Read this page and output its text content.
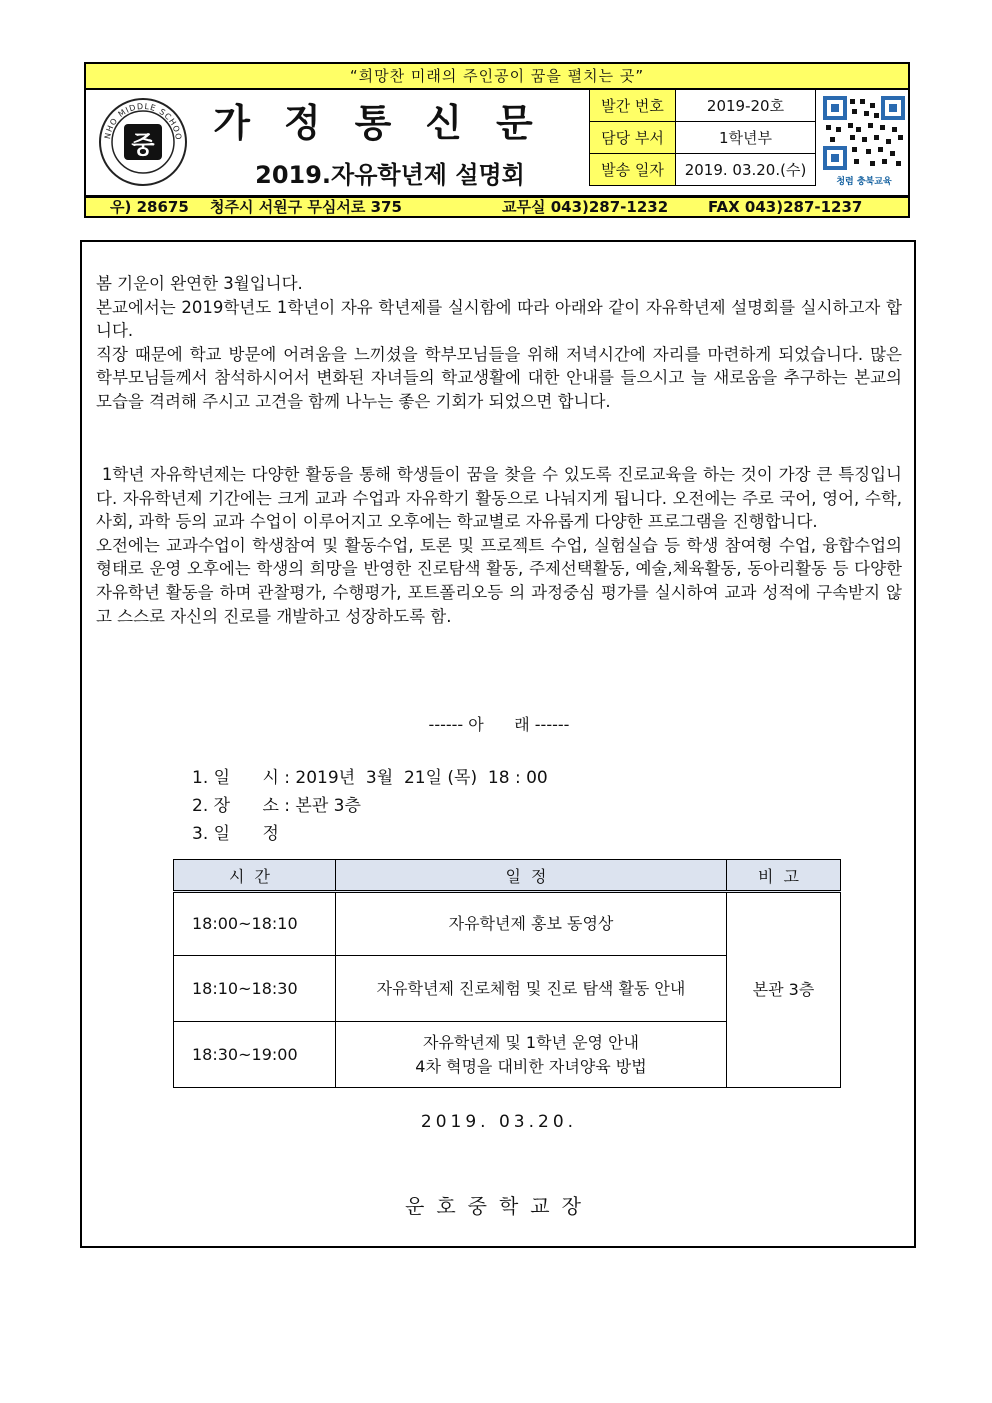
“희망찬 미래의 주인공이 꿈을 펼치는 곳”
NHO MIDDLE SCHOO
중	가정통신문
2019.자유학년제 설명회
발간 번호	2019-20호
담당 부서	1학년부
발송 일자	2019. 03.20.(수)
청렴 충북교육
우) 28675 청주시 서원구 무심서로 375	교무실 043)287-1232	FAX 043)287-1237

봄 기운이 완연한 3월입니다.

본교에서는 2019학년도 1학년이 자유 학년제를 실시함에 따라 아래와 같이 자유학년제 설명회를 실시하고자 합니다.

직장 때문에 학교 방문에 어려움을 느끼셨을 학부모님들을 위해 저녁시간에 자리를 마련하게 되었습니다. 많은 학부모님들께서 참석하시어서 변화된 자녀들의 학교생활에 대한 안내를 들으시고 늘 새로움을 추구하는 본교의 모습을 격려해 주시고 고견을 함께 나누는 좋은 기회가 되었으면 합니다.

1학년 자유학년제는 다양한 활동을 통해 학생들이 꿈을 찾을 수 있도록 진로교육을 하는 것이 가장 큰 특징입니다. 자유학년제 기간에는 크게 교과 수업과 자유학기 활동으로 나눠지게 됩니다. 오전에는 주로 국어, 영어, 수학, 사회, 과학 등의 교과 수업이 이루어지고 오후에는 학교별로 자유롭게 다양한 프로그램을 진행합니다.

오전에는 교과수업이 학생참여 및 활동수업, 토론 및 프로젝트 수업, 실험실습 등 학생 참여형 수업, 융합수업의 형태로 운영 오후에는 학생의 희망을 반영한 진로탐색 활동, 주제선택활동, 예술,체육활동, 동아리활동 등 다양한 자유학년 활동을 하며 관찰평가, 수행평가, 포트폴리오등 의 과정중심 평가를 실시하여 교과 성적에 구속받지 않고 스스로 자신의 진로를 개발하고 성장하도록 함.

------ 아      래 ------
1. 일      시 : 2019년  3월  21일 (목)  18 : 00
2. 장      소 : 본관 3층
3. 일      정
시간	일정	비고
18:00~18:10	자유학년제 홍보 동영상	본관 3층
18:10~18:30	자유학년제 진로체험 및 진로 탐색 활동 안내	
18:30~19:00	자유학년제 및 1학년 운영 안내
4차 혁명을 대비한 자녀양육 방법	
2019. 03.20.
운호중학교장
